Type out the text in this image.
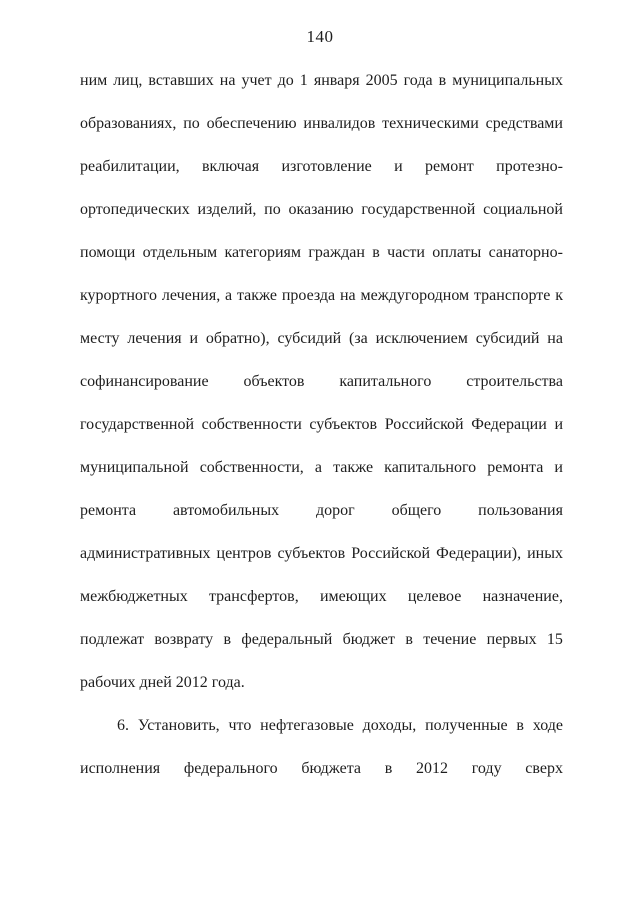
140
ним лиц, вставших на учет до 1 января 2005 года в муниципальных
образованиях, по обеспечению инвалидов техническими средствами
реабилитации, включая изготовление и ремонт протезно-
ортопедических изделий, по оказанию государственной социальной
помощи отдельным категориям граждан в части оплаты санаторно-
курортного лечения, а также проезда на междугородном транспорте к
месту лечения и обратно), субсидий (за исключением субсидий на
софинансирование объектов капитального строительства
государственной собственности субъектов Российской Федерации и
муниципальной собственности, а также капитального ремонта и
ремонта автомобильных дорог общего пользования
административных центров субъектов Российской Федерации), иных
межбюджетных трансфертов, имеющих целевое назначение,
подлежат возврату в федеральный бюджет в течение первых 15
рабочих дней 2012 года.
6. Установить, что нефтегазовые доходы, полученные в ходе
исполнения федерального бюджета в 2012 году сверх
